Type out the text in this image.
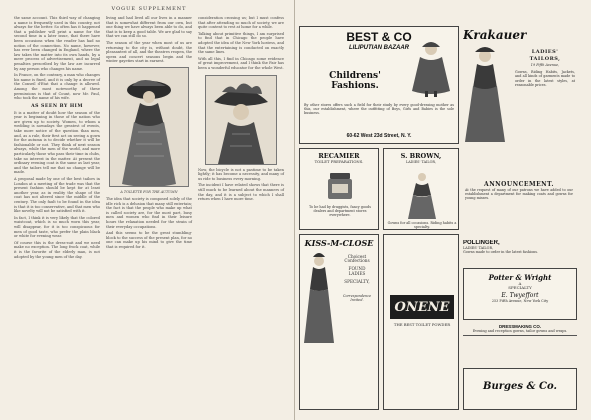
VOGUE SUPPLEMENT

the same account. This third way of changing a name is frequently used in this country, not always for the better. So often has it happened that a publisher will print a name for the second time in a later issue, that there have been occasions when the reader has had no notion of the connection. No name, however, has ever been changed in England, where the law takes the matter into its own hands, by a mere process of advertisement, and no legal penalties prescribed by the law are incurred by any person who changes his name.

In France, on the contrary, a man who changes his name is fined, and it is only by a decree of the Conseil d'Etat that a change is allowed. Among the most noteworthy of these permissions is that of Count, now Mr. Paul, who took the name of his wife.

AS SEEN BY HIM

It is a matter of doubt how the season of the year is beginning in those of the nation who are given up to society. Women, to whom a wedding is nowadays the greatest of events, take more notice of the question than men, and, as a rule, their first act on seeing a gown for the autumn is to decide whether it will be fashionable or not. They think of next season always, while the men of the world, and more particularly those who pass their time in clubs, take no interest in the matter. At present the ordinary evening coat is the same as last year, and the tailors tell me that no change will be made.

A proposal made by one of the best tailors in London at a meeting of the trade was that the present fashion should be kept for at least another year, as in reality the shape of the coat has not altered since the middle of the century. The only fault to be found in the idea is that it is too conservative, and that men who like novelty will not be satisfied with it.

In fact, I think it is very likely that the colored waistcoat, which is so much worn this year, will disappear, for it is too conspicuous for men of good taste, who prefer the plain black or white for evening wear.

Of course this is the dress-suit and we need make no exception. The long frock coat, while it is the favorite of the elderly man, is not adopted by the young men of the day.

living and had lived all our lives in a manner that is somewhat different from our own, but one thing we have always been able to do, and that is to keep a good table. We are glad to say that we can still do so.

The season of the year when most of us are returning to the city is, without doubt, the pleasantest of all, and the theatres reopen, the opera and concert seasons begin and the winter gayeties start in earnest.

A TOILETTE FOR THE AUTUMN

The idea that society is composed solely of the idle rich is a delusion that many still entertain; the fact is that the people who make up what is called society are, for the most part, busy men and women who find in their leisure hours the relaxation needed for the strain of their everyday occupations.

And this seems to be the great stumbling-block to the success of the present plan, for no one can make up his mind to give the time that is required for it.

consideration crossing us; but I must confess that after attending so much of society, we are quite content to rest at home for a while.

Talking about primitive things, I am surprised to find that in Chicago the people have adopted the idea of the New York hostess, and that the entertaining is conducted on exactly the same lines.

With all this, I find in Chicago some evidence of great improvement, and I think the Fair has been a wonderful educator for the whole West.

Now, the bicycle is not a pastime to be taken lightly; it has become a necessity, and many of us ride to business every morning.

The incident I have related shows that there is still much to be learned about the manners of the day, and it is a subject to which I shall return when I have more time.

BEST & CO
LILIPUTIAN BAZAAR
Childrens'
Fashions.

By other stores offers such a field for their study by every good-dressing mother as this, our establishment, where the outfitting of Boys, Girls and Babies is the sole business.

60-62 West 23d Street, N. Y.
Krakauer
LADIES'
TAILORS,
19 Fifth Avenue,

Gowns, Riding Habits, Jackets, and all kinds of garments made to order in the latest styles, at reasonable prices.

ANNOUNCEMENT.

At the request of many of our patrons we have added to our establishment a department for making coats and gowns for young misses.

RECAMIER
TOILET PREPARATIONS.

To be had by druggists, fancy goods dealers and department stores everywhere.

S. BROWN,
LADIES' TAILOR,

Gowns for all occasions. Riding habits a specialty.

KISS-M-CLOSE
Choicest
Confections
FOUND
LADIES
SPECIALTY,

Correspondence Invited.	ONENE
THE BEST TOILET POWDER
POLLINGER,
LADIES' TAILOR,

Gowns made to order in the latest fashions.

Potter & Wright
A
SPECIALTY
E. Twyeffort
253 Fifth Avenue, New York City
DRESSMAKING CO.

Evening and reception gowns, tailor gowns and wraps.

Burges & Co.
